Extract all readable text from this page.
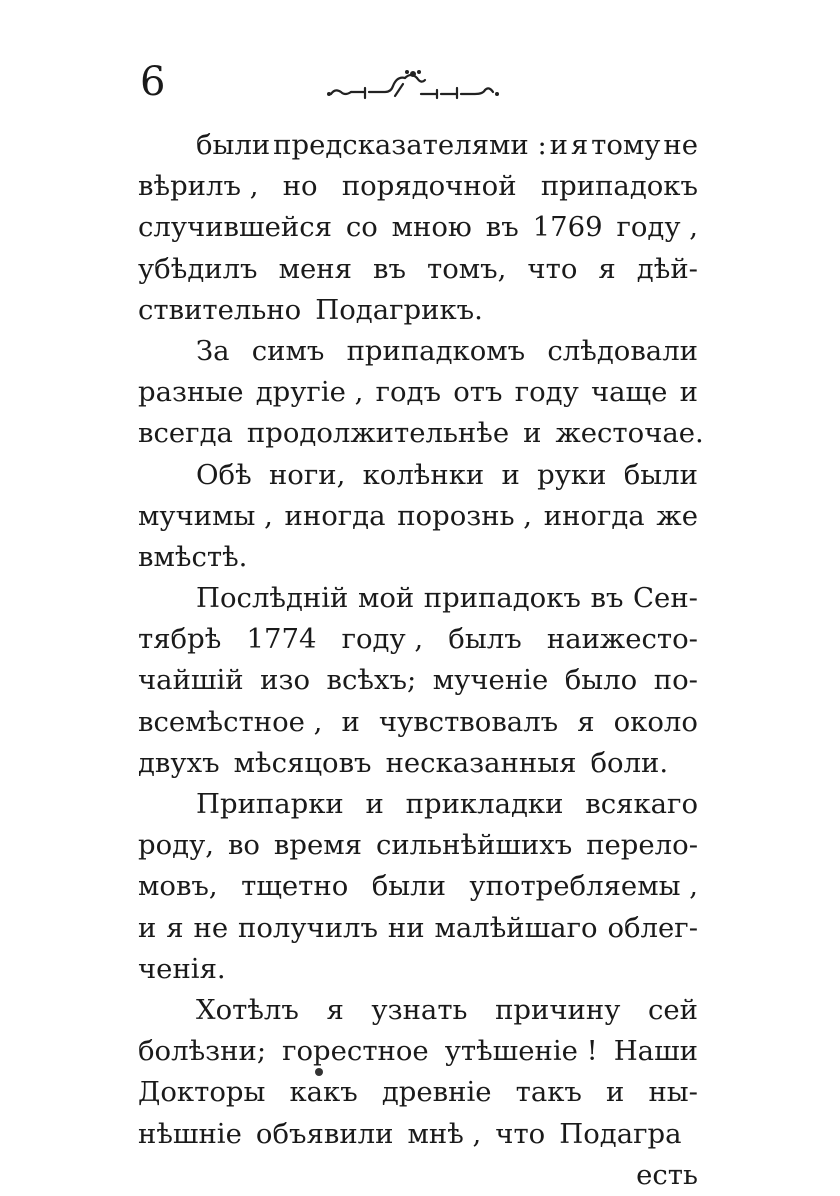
6
были предсказателями : и я тому не
вѣрилъ , но порядочной припадокъ
случившейся со мною въ 1769 году ,
убѣдилъ меня въ томъ, что я дѣй-
ствительно Подагрикъ.
За симъ припадкомъ слѣдовали
разные другіе , годъ отъ году чаще и
всегда продолжительнѣе и жесточае.
Обѣ ноги, колѣнки и руки были
мучимы , иногда порознь , иногда же
вмѣстѣ.
Послѣдній мой припадокъ въ Сен-
тябрѣ 1774 году , былъ наижесто-
чайшій изо всѣхъ; мученіе было по-
всемѣстное , и чувствовалъ я около
двухъ мѣсяцовъ несказанныя боли.
Припарки и прикладки всякаго
роду, во время сильнѣйшихъ перело-
мовъ, тщетно были употребляемы ,
и я не получилъ ни малѣйшаго облег-
ченія.
Хотѣлъ я узнать причину сей
болѣзни; горестное утѣшеніе ! Наши
Докторы какъ древніе такъ и ны-
нѣшніе объявили мнѣ , что Подагра
есть
